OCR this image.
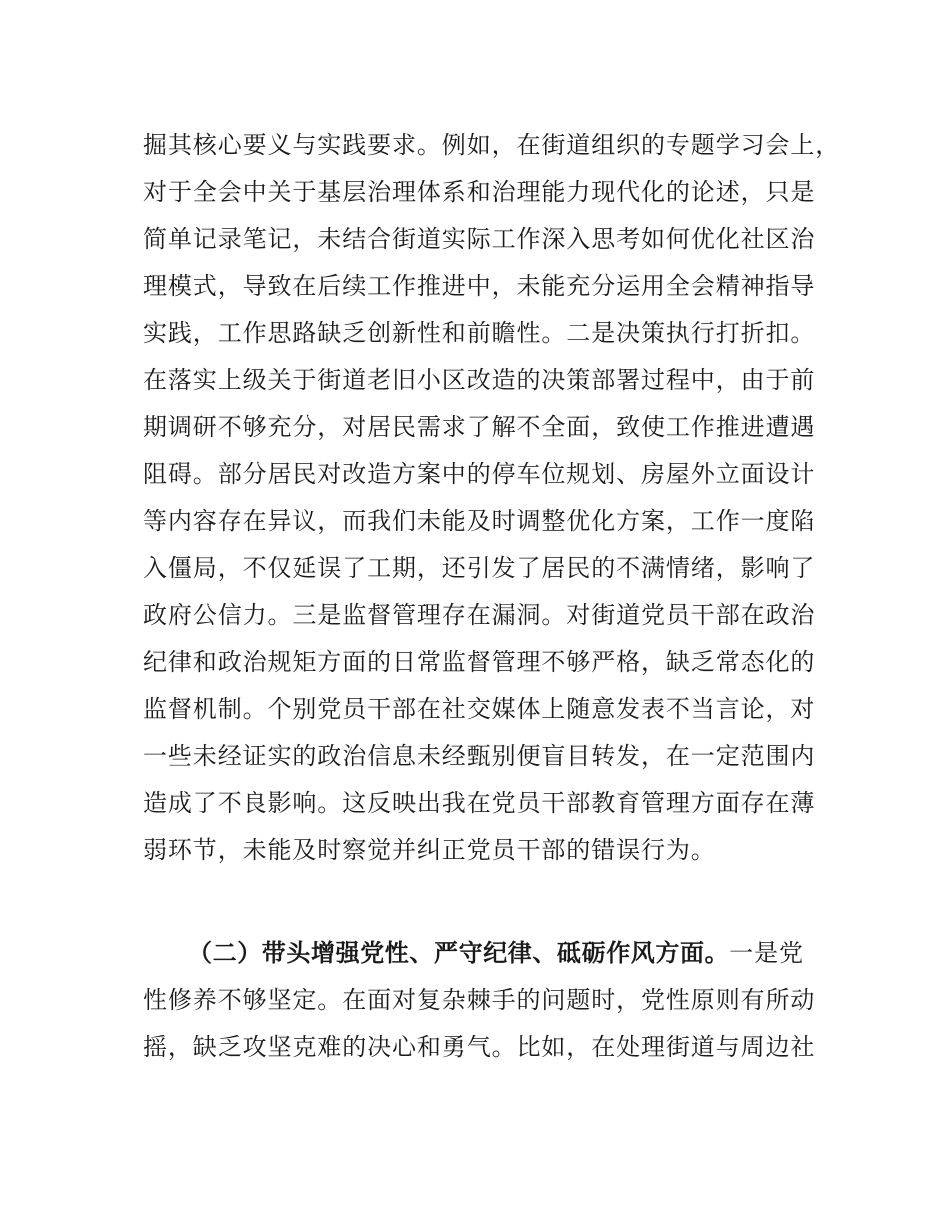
掘其核心要义与实践要求。例如，在街道组织的专题学习会上，
对于全会中关于基层治理体系和治理能力现代化的论述，只是
简单记录笔记，未结合街道实际工作深入思考如何优化社区治
理模式，导致在后续工作推进中，未能充分运用全会精神指导
实践，工作思路缺乏创新性和前瞻性。二是决策执行打折扣。
在落实上级关于街道老旧小区改造的决策部署过程中，由于前
期调研不够充分，对居民需求了解不全面，致使工作推进遭遇
阻碍。部分居民对改造方案中的停车位规划、房屋外立面设计
等内容存在异议，而我们未能及时调整优化方案，工作一度陷
入僵局，不仅延误了工期，还引发了居民的不满情绪，影响了
政府公信力。三是监督管理存在漏洞。对街道党员干部在政治
纪律和政治规矩方面的日常监督管理不够严格，缺乏常态化的
监督机制。个别党员干部在社交媒体上随意发表不当言论，对
一些未经证实的政治信息未经甄别便盲目转发，在一定范围内
造成了不良影响。这反映出我在党员干部教育管理方面存在薄
弱环节，未能及时察觉并纠正党员干部的错误行为。
（二）带头增强党性、严守纪律、砥砺作风方面。一是党
性修养不够坚定。在面对复杂棘手的问题时，党性原则有所动
摇，缺乏攻坚克难的决心和勇气。比如，在处理街道与周边社
